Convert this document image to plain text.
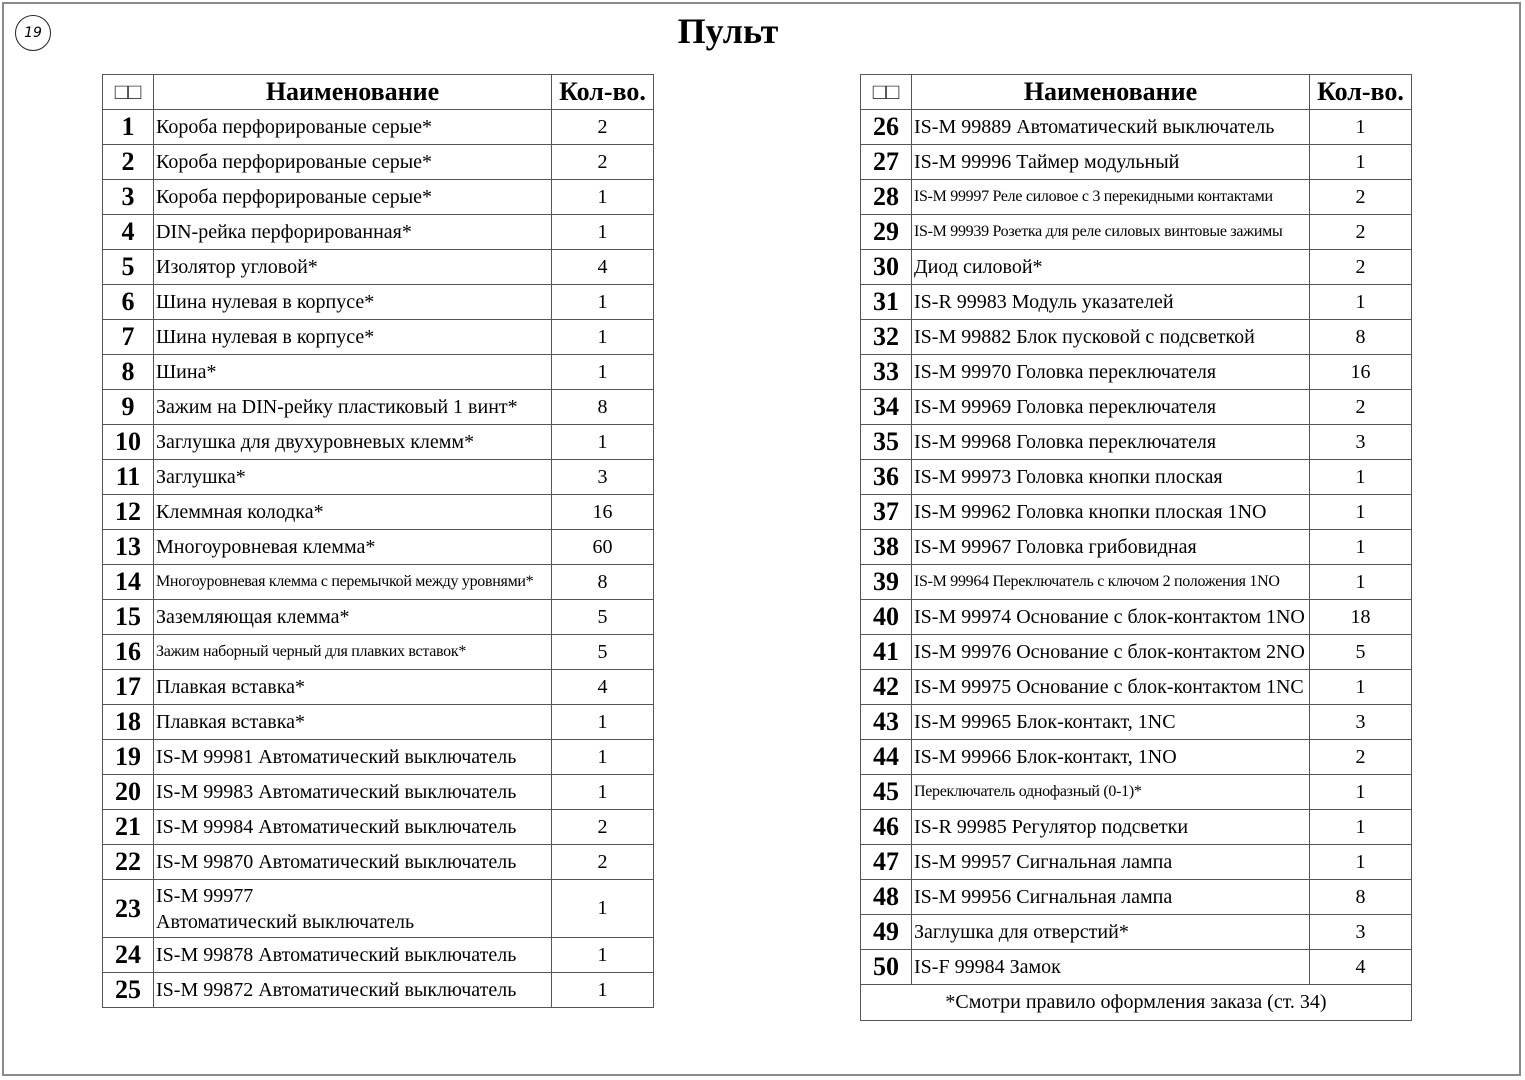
19	Пульт
□□	Наименование	Кол-во.
1	Короба перфорированые серые*	2
2	Короба перфорированые серые*	2
3	Короба перфорированые серые*	1
4	DIN-рейка перфорированная*	1
5	Изолятор угловой*	4
6	Шина нулевая в корпусе*	1
7	Шина нулевая в корпусе*	1
8	Шина*	1
9	Зажим на DIN-рейку пластиковый 1 винт*	8
10	Заглушка для двухуровневых клемм*	1
11	Заглушка*	3
12	Клеммная колодка*	16
13	Многоуровневая клемма*	60
14	Многоуровневая клемма с перемычкой между уровнями*	8
15	Заземляющая клемма*	5
16	Зажим наборный черный для плавких вставок*	5
17	Плавкая вставка*	4
18	Плавкая вставка*	1
19	IS-M 99981 Автоматический выключатель	1
20	IS-M 99983 Автоматический выключатель	1
21	IS-M 99984 Автоматический выключатель	2
22	IS-M 99870 Автоматический выключатель	2
23	IS-M 99977
Автоматический выключатель	1
24	IS-M 99878 Автоматический выключатель	1
25	IS-M 99872 Автоматический выключатель	1
□□	Наименование	Кол-во.
26	IS-M 99889 Автоматический выключатель	1
27	IS-M 99996 Таймер модульный	1
28	IS-M 99997 Реле силовое с 3 перекидными контактами	2
29	IS-M 99939 Розетка для реле силовых винтовые зажимы	2
30	Диод силовой*	2
31	IS-R 99983 Модуль указателей	1
32	IS-M 99882 Блок пусковой с подсветкой	8
33	IS-M 99970 Головка переключателя	16
34	IS-M 99969 Головка переключателя	2
35	IS-M 99968 Головка переключателя	3
36	IS-M 99973 Головка кнопки плоская	1
37	IS-M 99962 Головка кнопки плоская 1NO	1
38	IS-M 99967 Головка грибовидная	1
39	IS-M 99964 Переключатель с ключом 2 положения 1NO	1
40	IS-M 99974 Основание с блок-контактом 1NO	18
41	IS-M 99976 Основание с блок-контактом 2NO	5
42	IS-M 99975 Основание с блок-контактом 1NC	1
43	IS-M 99965 Блок-контакт, 1NC	3
44	IS-M 99966 Блок-контакт, 1NO	2
45	Переключатель однофазный (0-1)*	1
46	IS-R 99985 Регулятор подсветки	1
47	IS-M 99957 Сигнальная лампа	1
48	IS-M 99956 Сигнальная лампа	8
49	Заглушка для отверстий*	3
50	IS-F 99984 Замок	4
*Смотри правило оформления заказа (ст. 34)		
